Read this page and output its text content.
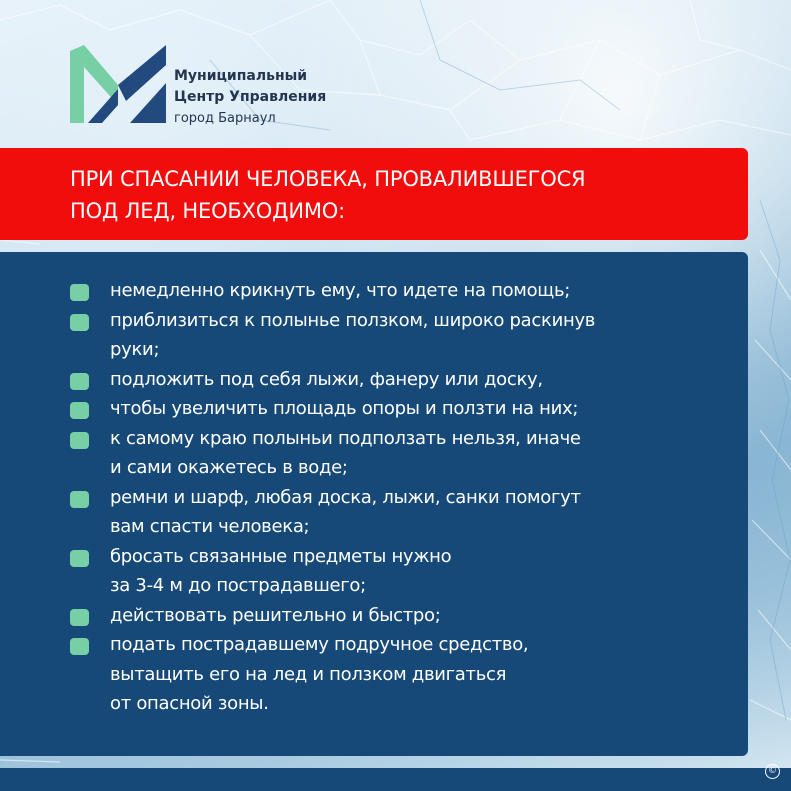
Муниципальный
Центр Управления
город Барнаул
ПРИ СПАСАНИИ ЧЕЛОВЕКА, ПРОВАЛИВШЕГОСЯ
ПОД ЛЕД, НЕОБХОДИМО:
немедленно крикнуть ему, что идете на помощь;
приблизиться к полынье ползком, широко раскинув
руки;
подложить под себя лыжи, фанеру или доску,
чтобы увеличить площадь опоры и ползти на них;
к самому краю полыньи подползать нельзя, иначе
и сами окажетесь в воде;
ремни и шарф, любая доска, лыжи, санки помогут
вам спасти человека;
бросать связанные предметы нужно
за 3-4 м до пострадавшего;
действовать решительно и быстро;
подать пострадавшему подручное средство,
вытащить его на лед и ползком двигаться
от опасной зоны.
©
